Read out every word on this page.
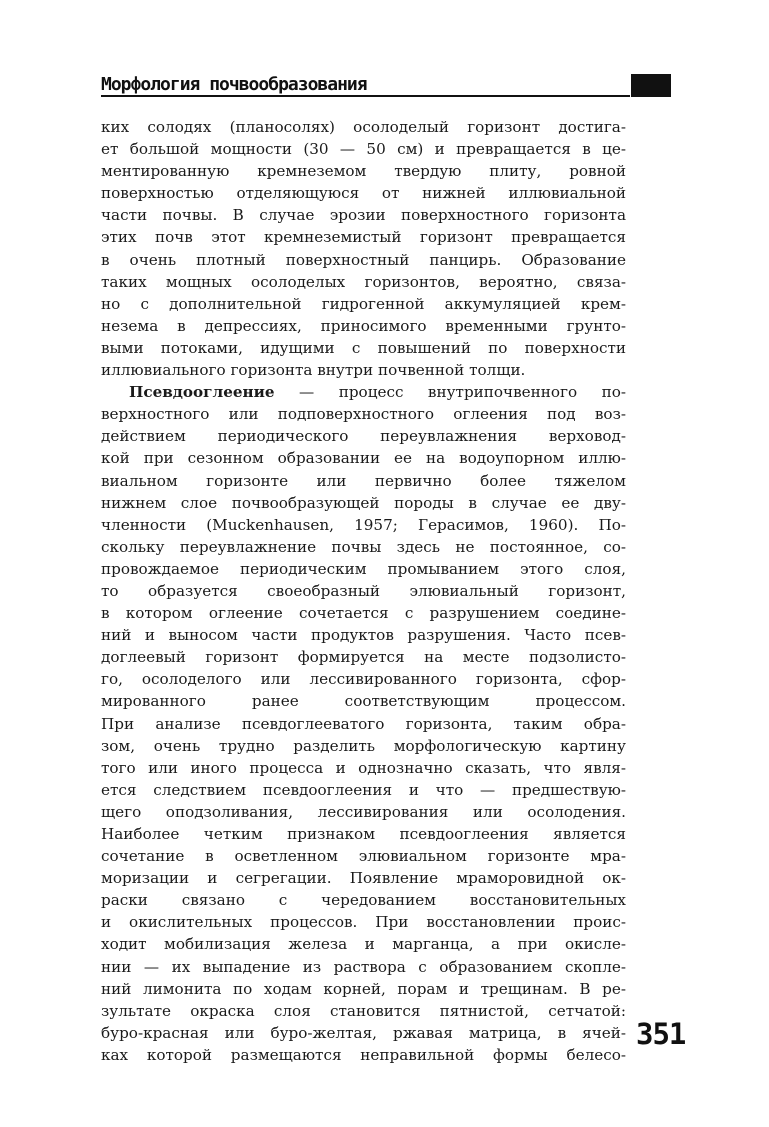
Морфология почвообразования
ких солодях (планосолях) осолоделый горизонт достига-
ет большой мощности (30 — 50 см) и превращается в це-
ментированную кремнеземом твердую плиту, ровной
поверхностью отделяющуюся от нижней иллювиальной
части почвы. В случае эрозии поверхностного горизонта
этих почв этот кремнеземистый горизонт превращается
в очень плотный поверхностный панцирь. Образование
таких мощных осолоделых горизонтов, вероятно, связа-
но с дополнительной гидрогенной аккумуляцией крем-
незема в депрессиях, приносимого временными грунто-
выми потоками, идущими с повышений по поверхности
иллювиального горизонта внутри почвенной толщи.
Псевдооглеение — процесс внутрипочвенного по-
верхностного или подповерхностного оглеения под воз-
действием периодического переувлажнения верховод-
кой при сезонном образовании ее на водоупорном иллю-
виальном горизонте или первично более тяжелом
нижнем слое почвообразующей породы в случае ее дву-
членности (Muckenhausen, 1957; Герасимов, 1960). По-
скольку переувлажнение почвы здесь не постоянное, со-
провождаемое периодическим промыванием этого слоя,
то образуется своеобразный элювиальный горизонт,
в котором оглеение сочетается с разрушением соедине-
ний и выносом части продуктов разрушения. Часто псев-
доглеевый горизонт формируется на месте подзолисто-
го, осолоделого или лессивированного горизонта, сфор-
мированного ранее соответствующим процессом.
При анализе псевдоглееватого горизонта, таким обра-
зом, очень трудно разделить морфологическую картину
того или иного процесса и однозначно сказать, что явля-
ется следствием псевдооглеения и что — предшествую-
щего оподзоливания, лессивирования или осолодения.
Наиболее четким признаком псевдооглеения является
сочетание в осветленном элювиальном горизонте мра-
моризации и сегрегации. Появление мраморовидной ок-
раски связано с чередованием восстановительных
и окислительных процессов. При восстановлении проис-
ходит мобилизация железа и марганца, а при окисле-
нии — их выпадение из раствора с образованием скопле-
ний лимонита по ходам корней, порам и трещинам. В ре-
зультате окраска слоя становится пятнистой, сетчатой:
буро-красная или буро-желтая, ржавая матрица, в ячей-
ках которой размещаются неправильной формы белесо-
351
